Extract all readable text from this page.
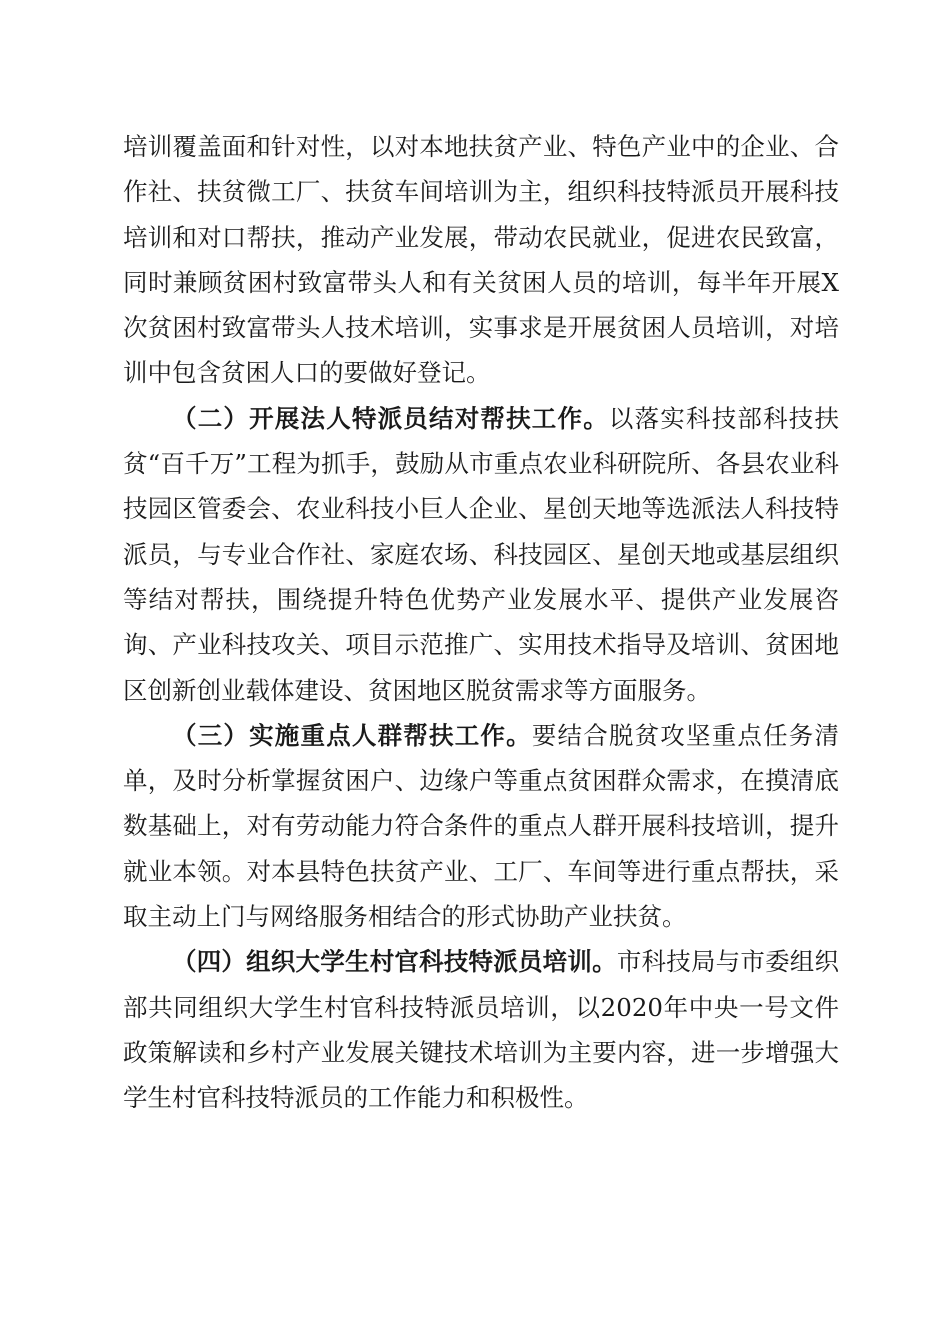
培训覆盖面和针对性，以对本地扶贫产业、特色产业中的企业、合作社、扶贫微工厂、扶贫车间培训为主，组织科技特派员开展科技培训和对口帮扶，推动产业发展，带动农民就业，促进农民致富，同时兼顾贫困村致富带头人和有关贫困人员的培训，每半年开展X次贫困村致富带头人技术培训，实事求是开展贫困人员培训，对培训中包含贫困人口的要做好登记。

（二）开展法人特派员结对帮扶工作。以落实科技部科技扶贫“百千万”工程为抓手，鼓励从市重点农业科研院所、各县农业科技园区管委会、农业科技小巨人企业、星创天地等选派法人科技特派员，与专业合作社、家庭农场、科技园区、星创天地或基层组织等结对帮扶，围绕提升特色优势产业发展水平、提供产业发展咨询、产业科技攻关、项目示范推广、实用技术指导及培训、贫困地区创新创业载体建设、贫困地区脱贫需求等方面服务。

（三）实施重点人群帮扶工作。要结合脱贫攻坚重点任务清单，及时分析掌握贫困户、边缘户等重点贫困群众需求，在摸清底数基础上，对有劳动能力符合条件的重点人群开展科技培训，提升就业本领。对本县特色扶贫产业、工厂、车间等进行重点帮扶，采取主动上门与网络服务相结合的形式协助产业扶贫。

（四）组织大学生村官科技特派员培训。市科技局与市委组织部共同组织大学生村官科技特派员培训，以2020年中央一号文件政策解读和乡村产业发展关键技术培训为主要内容，进一步增强大学生村官科技特派员的工作能力和积极性。
